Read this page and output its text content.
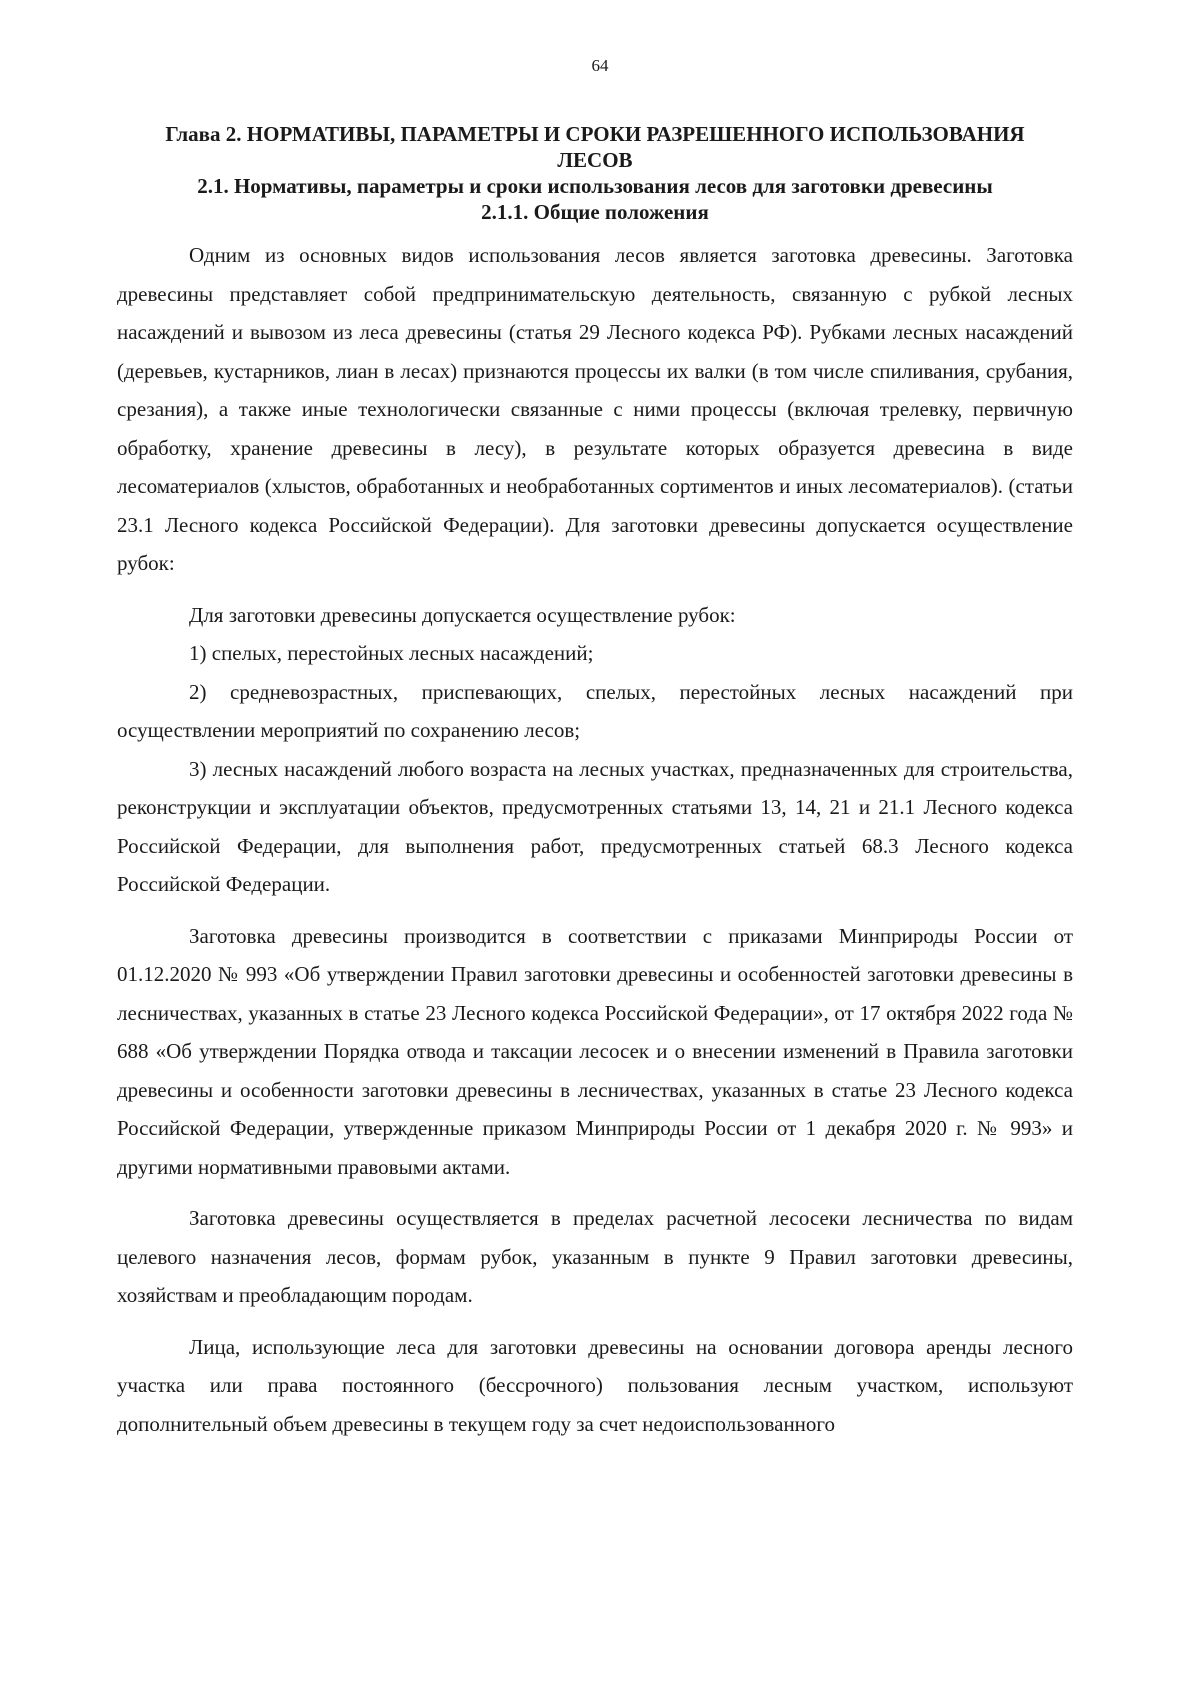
64
Глава 2. НОРМАТИВЫ, ПАРАМЕТРЫ И СРОКИ РАЗРЕШЕННОГО ИСПОЛЬЗОВАНИЯ ЛЕСОВ
2.1. Нормативы, параметры и сроки использования лесов для заготовки древесины
2.1.1. Общие положения

Одним из основных видов использования лесов является заготовка древесины. Заготовка древесины представляет собой предпринимательскую деятельность, связанную с рубкой лесных насаждений и вывозом из леса древесины (статья 29 Лесного кодекса РФ). Рубками лесных насаждений (деревьев, кустарников, лиан в лесах) признаются процессы их валки (в том числе спиливания, срубания, срезания), а также иные технологически связанные с ними процессы (включая трелевку, первичную обработку, хранение древесины в лесу), в результате которых образуется древесина в виде лесоматериалов (хлыстов, обработанных и необработанных сортиментов и иных лесоматериалов). (статьи 23.1 Лесного кодекса Российской Федерации). Для заготовки древесины допускается осуществление рубок:

Для заготовки древесины допускается осуществление рубок:

1) спелых, перестойных лесных насаждений;

2) средневозрастных, приспевающих, спелых, перестойных лесных насаждений при осуществлении мероприятий по сохранению лесов;

3) лесных насаждений любого возраста на лесных участках, предназначенных для строительства, реконструкции и эксплуатации объектов, предусмотренных статьями 13, 14, 21 и 21.1 Лесного кодекса Российской Федерации, для выполнения работ, предусмотренных статьей 68.3 Лесного кодекса Российской Федерации.

Заготовка древесины производится в соответствии с приказами Минприроды России от 01.12.2020 № 993 «Об утверждении Правил заготовки древесины и особенностей заготовки древесины в лесничествах, указанных в статье 23 Лесного кодекса Российской Федерации», от 17 октября 2022 года № 688 «Об утверждении Порядка отвода и таксации лесосек и о внесении изменений в Правила заготовки древесины и особенности заготовки древесины в лесничествах, указанных в статье 23 Лесного кодекса Российской Федерации, утвержденные приказом Минприроды России от 1 декабря 2020 г. № 993» и другими нормативными правовыми актами.

Заготовка древесины осуществляется в пределах расчетной лесосеки лесничества по видам целевого назначения лесов, формам рубок, указанным в пункте 9 Правил заготовки древесины, хозяйствам и преобладающим породам.

Лица, использующие леса для заготовки древесины на основании договора аренды лесного участка или права постоянного (бессрочного) пользования лесным участком, используют дополнительный объем древесины в текущем году за счет недоиспользованного
